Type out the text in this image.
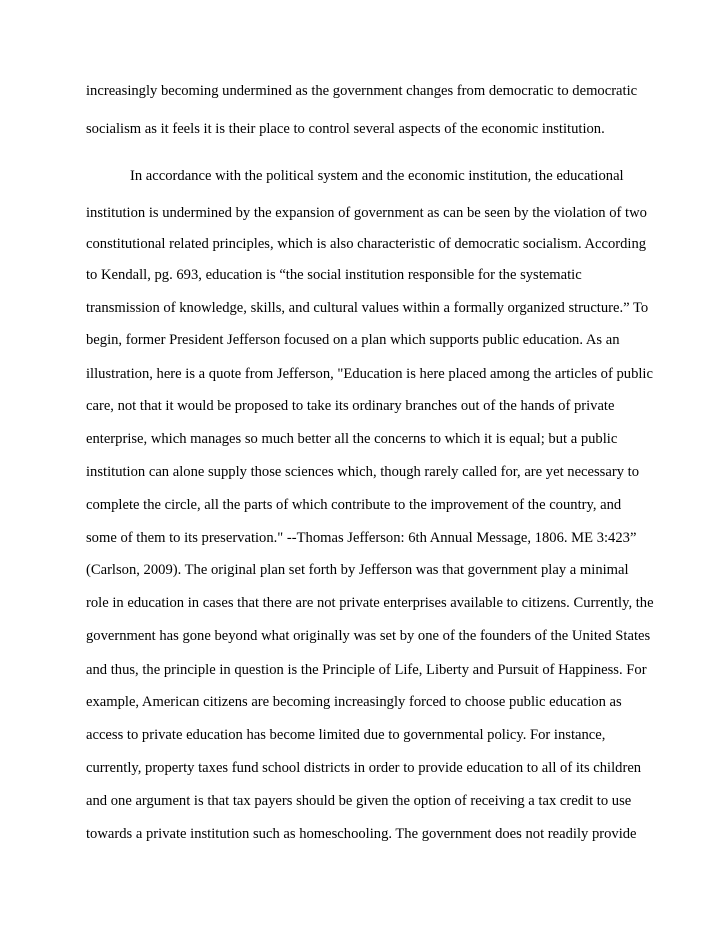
increasingly becoming undermined as the government changes from democratic to democratic
socialism as it feels it is their place to control several aspects of the economic institution.
In accordance with the political system and the economic institution, the educational
institution is undermined by the expansion of government as can be seen by the violation of two
constitutional related principles, which is also characteristic of democratic socialism. According
to Kendall, pg. 693, education is “the social institution responsible for the systematic
transmission of knowledge, skills, and cultural values within a formally organized structure.” To
begin, former President Jefferson focused on a plan which supports public education. As an
illustration, here is a quote from Jefferson, "Education is here placed among the articles of public
care, not that it would be proposed to take its ordinary branches out of the hands of private
enterprise, which manages so much better all the concerns to which it is equal; but a public
institution can alone supply those sciences which, though rarely called for, are yet necessary to
complete the circle, all the parts of which contribute to the improvement of the country, and
some of them to its preservation." --Thomas Jefferson: 6th Annual Message, 1806. ME 3:423”
(Carlson, 2009). The original plan set forth by Jefferson was that government play a minimal
role in education in cases that there are not private enterprises available to citizens. Currently, the
government has gone beyond what originally was set by one of the founders of the United States
and thus, the principle in question is the Principle of Life, Liberty and Pursuit of Happiness. For
example, American citizens are becoming increasingly forced to choose public education as
access to private education has become limited due to governmental policy. For instance,
currently, property taxes fund school districts in order to provide education to all of its children
and one argument is that tax payers should be given the option of receiving a tax credit to use
towards a private institution such as homeschooling. The government does not readily provide
